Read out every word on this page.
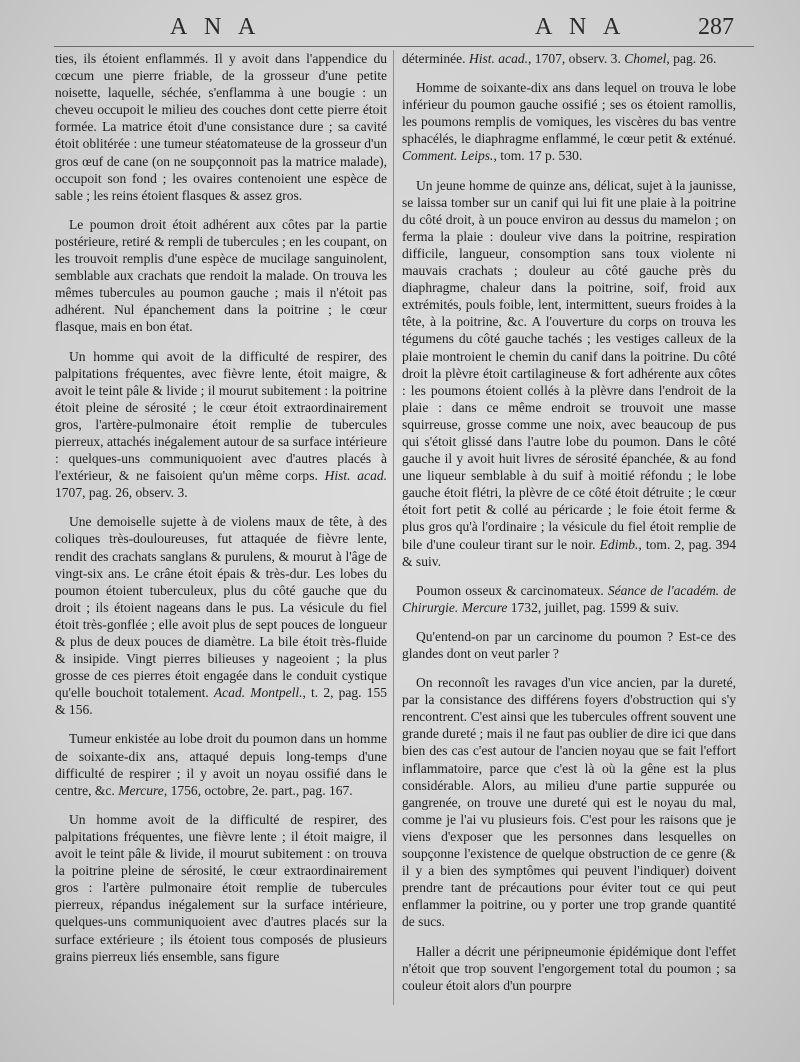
A N A	A N A	287

ties, ils étoient enflammés. Il y avoit dans l'appendice du cœcum une pierre friable, de la grosseur d'une petite noisette, laquelle, séchée, s'enflamma à une bougie : un cheveu occupoit le milieu des couches dont cette pierre étoit formée. La matrice étoit d'une consistance dure ; sa cavité étoit oblitérée : une tumeur stéatomateuse de la grosseur d'un gros œuf de cane (on ne soupçonnoit pas la matrice malade), occupoit son fond ; les ovaires contenoient une espèce de sable ; les reins étoient flasques & assez gros.

Le poumon droit étoit adhérent aux côtes par la partie postérieure, retiré & rempli de tubercules ; en les coupant, on les trouvoit remplis d'une espèce de mucilage sanguinolent, semblable aux crachats que rendoit la malade. On trouva les mêmes tubercules au poumon gauche ; mais il n'étoit pas adhérent. Nul épanchement dans la poitrine ; le cœur flasque, mais en bon état.

Un homme qui avoit de la difficulté de respirer, des palpitations fréquentes, avec fièvre lente, étoit maigre, & avoit le teint pâle & livide ; il mourut subitement : la poitrine étoit pleine de sérosité ; le cœur étoit extraordinairement gros, l'artère-pulmonaire étoit remplie de tubercules pierreux, attachés inégalement autour de sa surface intérieure : quelques-uns communiquoient avec d'autres placés à l'extérieur, & ne faisoient qu'un même corps. Hist. acad. 1707, pag. 26, observ. 3.

Une demoiselle sujette à de violens maux de tête, à des coliques très-douloureuses, fut attaquée de fièvre lente, rendit des crachats sanglans & purulens, & mourut à l'âge de vingt-six ans. Le crâne étoit épais & très-dur. Les lobes du poumon étoient tuberculeux, plus du côté gauche que du droit ; ils étoient nageans dans le pus. La vésicule du fiel étoit très-gonflée ; elle avoit plus de sept pouces de longueur & plus de deux pouces de diamètre. La bile étoit très-fluide & insipide. Vingt pierres bilieuses y nageoient ; la plus grosse de ces pierres étoit engagée dans le conduit cystique qu'elle bouchoit totalement. Acad. Montpell., t. 2, pag. 155 & 156.

Tumeur enkistée au lobe droit du poumon dans un homme de soixante-dix ans, attaqué depuis long-temps d'une difficulté de respirer ; il y avoit un noyau ossifié dans le centre, &c. Mercure, 1756, octobre, 2e. part., pag. 167.

Un homme avoit de la difficulté de respirer, des palpitations fréquentes, une fièvre lente ; il étoit maigre, il avoit le teint pâle & livide, il mourut subitement : on trouva la poitrine pleine de sérosité, le cœur extraordinairement gros : l'artère pulmonaire étoit remplie de tubercules pierreux, répandus inégalement sur la surface intérieure, quelques-uns communiquoient avec d'autres placés sur la surface extérieure ; ils étoient tous composés de plusieurs grains pierreux liés ensemble, sans figure

déterminée. Hist. acad., 1707, observ. 3. Chomel, pag. 26.

Homme de soixante-dix ans dans lequel on trouva le lobe inférieur du poumon gauche ossifié ; ses os étoient ramollis, les poumons remplis de vomiques, les viscères du bas ventre sphacélés, le diaphragme enflammé, le cœur petit & exténué. Comment. Leips., tom. 17 p. 530.

Un jeune homme de quinze ans, délicat, sujet à la jaunisse, se laissa tomber sur un canif qui lui fit une plaie à la poitrine du côté droit, à un pouce environ au dessus du mamelon ; on ferma la plaie : douleur vive dans la poitrine, respiration difficile, langueur, consomption sans toux violente ni mauvais crachats ; douleur au côté gauche près du diaphragme, chaleur dans la poitrine, soif, froid aux extrémités, pouls foible, lent, intermittent, sueurs froides à la tête, à la poitrine, &c. A l'ouverture du corps on trouva les tégumens du côté gauche tachés ; les vestiges calleux de la plaie montroient le chemin du canif dans la poitrine. Du côté droit la plèvre étoit cartilagineuse & fort adhérente aux côtes : les poumons étoient collés à la plèvre dans l'endroit de la plaie : dans ce même endroit se trouvoit une masse squirreuse, grosse comme une noix, avec beaucoup de pus qui s'étoit glissé dans l'autre lobe du poumon. Dans le côté gauche il y avoit huit livres de sérosité épanchée, & au fond une liqueur semblable à du suif à moitié réfondu ; le lobe gauche étoit flétri, la plèvre de ce côté étoit détruite ; le cœur étoit fort petit & collé au péricarde ; le foie étoit ferme & plus gros qu'à l'ordinaire ; la vésicule du fiel étoit remplie de bile d'une couleur tirant sur le noir. Edimb., tom. 2, pag. 394 & suiv.

Poumon osseux & carcinomateux. Séance de l'académ. de Chirurgie. Mercure 1732, juillet, pag. 1599 & suiv.

Qu'entend-on par un carcinome du poumon ? Est-ce des glandes dont on veut parler ?

On reconnoît les ravages d'un vice ancien, par la dureté, par la consistance des différens foyers d'obstruction qui s'y rencontrent. C'est ainsi que les tubercules offrent souvent une grande dureté ; mais il ne faut pas oublier de dire ici que dans bien des cas c'est autour de l'ancien noyau que se fait l'effort inflammatoire, parce que c'est là où la gêne est la plus considérable. Alors, au milieu d'une partie suppurée ou gangrenée, on trouve une dureté qui est le noyau du mal, comme je l'ai vu plusieurs fois. C'est pour les raisons que je viens d'exposer que les personnes dans lesquelles on soupçonne l'existence de quelque obstruction de ce genre (& il y a bien des symptômes qui peuvent l'indiquer) doivent prendre tant de précautions pour éviter tout ce qui peut enflammer la poitrine, ou y porter une trop grande quantité de sucs.

Haller a décrit une péripneumonie épidémique dont l'effet n'étoit que trop souvent l'engorgement total du poumon ; sa couleur étoit alors d'un pourpre
